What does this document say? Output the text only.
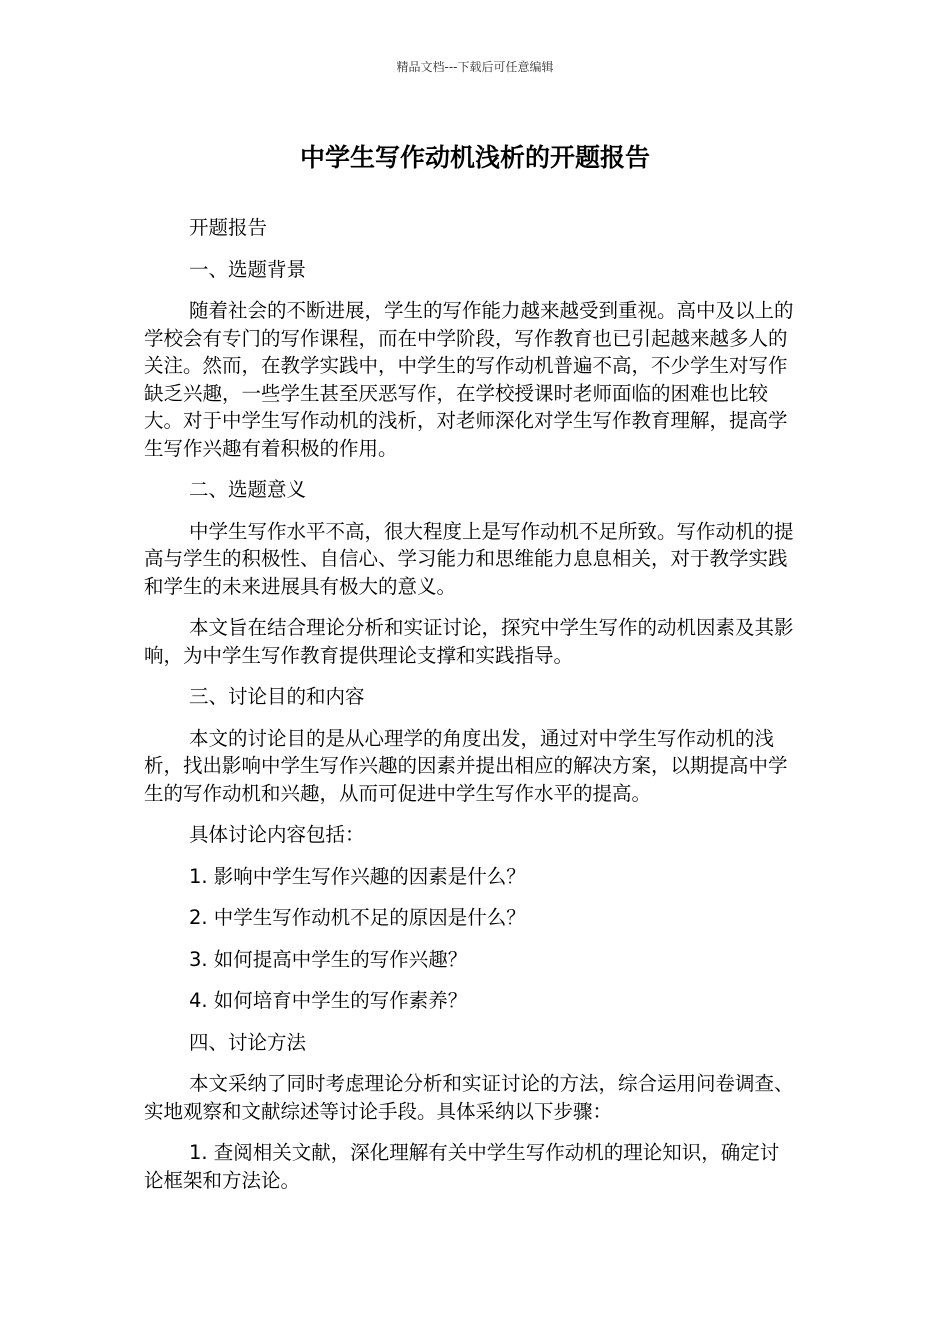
精品文档---下载后可任意编辑
中学生写作动机浅析的开题报告

开题报告

一、选题背景

随着社会的不断进展，学生的写作能力越来越受到重视。高中及以上的学校会有专门的写作课程，而在中学阶段，写作教育也已引起越来越多人的关注。然而，在教学实践中，中学生的写作动机普遍不高，不少学生对写作缺乏兴趣，一些学生甚至厌恶写作，在学校授课时老师面临的困难也比较大。对于中学生写作动机的浅析，对老师深化对学生写作教育理解，提高学生写作兴趣有着积极的作用。

二、选题意义

中学生写作水平不高，很大程度上是写作动机不足所致。写作动机的提高与学生的积极性、自信心、学习能力和思维能力息息相关，对于教学实践和学生的未来进展具有极大的意义。

本文旨在结合理论分析和实证讨论，探究中学生写作的动机因素及其影响，为中学生写作教育提供理论支撑和实践指导。

三、讨论目的和内容

本文的讨论目的是从心理学的角度出发，通过对中学生写作动机的浅析，找出影响中学生写作兴趣的因素并提出相应的解决方案，以期提高中学生的写作动机和兴趣，从而可促进中学生写作水平的提高。

具体讨论内容包括：

1. 影响中学生写作兴趣的因素是什么？

2. 中学生写作动机不足的原因是什么？

3. 如何提高中学生的写作兴趣？

4. 如何培育中学生的写作素养？

四、讨论方法

本文采纳了同时考虑理论分析和实证讨论的方法，综合运用问卷调查、实地观察和文献综述等讨论手段。具体采纳以下步骤：

1. 查阅相关文献，深化理解有关中学生写作动机的理论知识，确定讨论框架和方法论。
